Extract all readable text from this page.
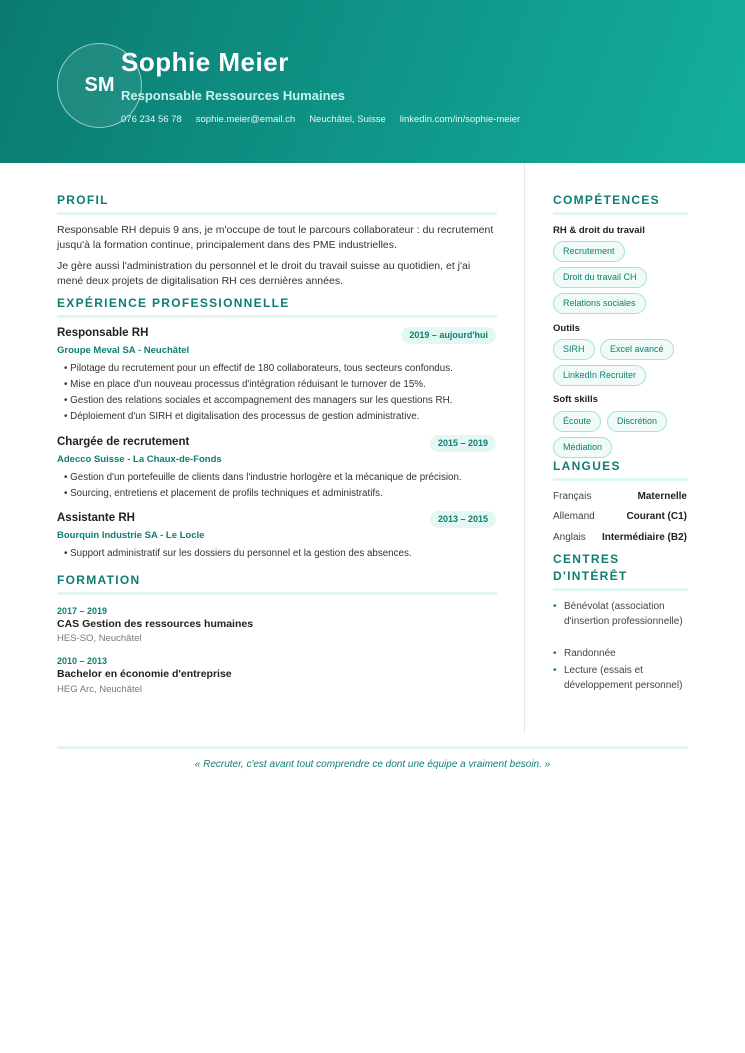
SM
Sophie Meier
Responsable Ressources Humaines
076 234 56 78 sophie.meier@email.ch Neuchâtel, Suisse linkedin.com/in/sophie-meier
PROFIL
Responsable RH depuis 9 ans, je m'occupe de tout le parcours collaborateur : du recrutement jusqu'à la formation continue, principalement dans des PME industrielles.
Je gère aussi l'administration du personnel et le droit du travail suisse au quotidien, et j'ai mené deux projets de digitalisation RH ces dernières années.
EXPÉRIENCE PROFESSIONNELLE
Responsable RH	2019 – aujourd'hui
Groupe Meval SA - Neuchâtel
• Pilotage du recrutement pour un effectif de 180 collaborateurs, tous secteurs confondus.
• Mise en place d'un nouveau processus d'intégration réduisant le turnover de 15%.
• Gestion des relations sociales et accompagnement des managers sur les questions RH.
• Déploiement d'un SIRH et digitalisation des processus de gestion administrative.
Chargée de recrutement	2015 – 2019
Adecco Suisse - La Chaux-de-Fonds
• Gestion d'un portefeuille de clients dans l'industrie horlogère et la mécanique de précision.
• Sourcing, entretiens et placement de profils techniques et administratifs.
Assistante RH	2013 – 2015
Bourquin Industrie SA - Le Locle
• Support administratif sur les dossiers du personnel et la gestion des absences.
FORMATION
2017 – 2019
CAS Gestion des ressources humaines
HES-SO, Neuchâtel
2010 – 2013
Bachelor en économie d'entreprise
HEG Arc, Neuchâtel
COMPÉTENCES
RH & droit du travail
Recrutement
Droit du travail CH
Relations sociales
Outils
SIRH	Excel avancé
LinkedIn Recruiter
Soft skills
Écoute	Discrétion
Médiation
LANGUES
Français	Maternelle
Allemand	Courant (C1)
Anglais Intermédiaire (B2)
CENTRES
D'INTÉRÊT
• Bénévolat (association d'insertion professionnelle)
• Randonnée
• Lecture (essais et développement personnel)
« Recruter, c'est avant tout comprendre ce dont une équipe a vraiment besoin. »
